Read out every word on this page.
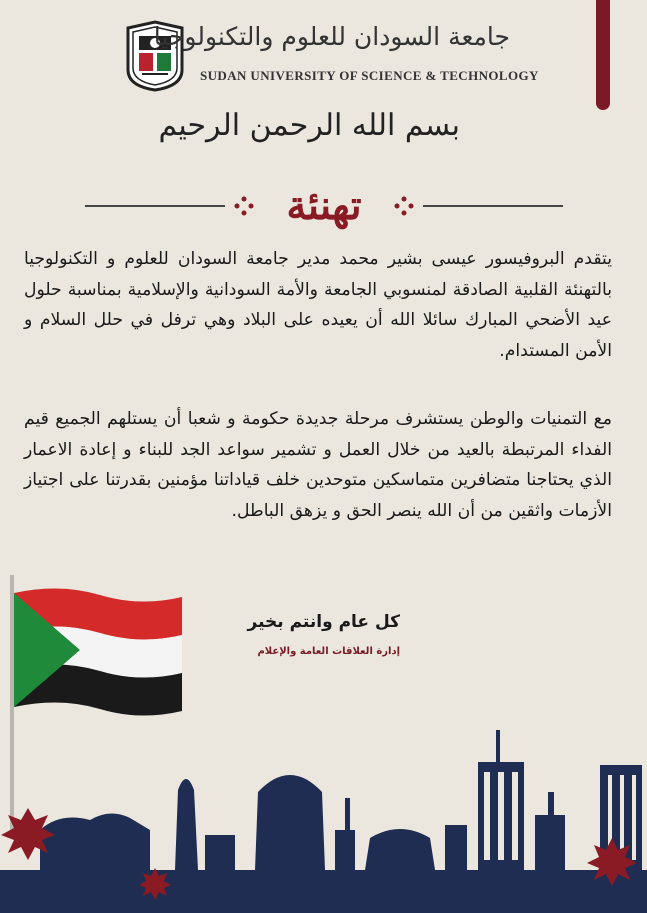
جامعة السودان للعلوم والتكنولوجيا
SUDAN UNIVERSITY OF SCIENCE & TECHNOLOGY
بسم الله الرحمن الرحيم
تهنئة
يتقدم البروفيسور عيسى بشير محمد مدير جامعة السودان للعلوم و التكنولوجيا بالتهنئة القلبية الصادقة لمنسوبي الجامعة والأمة السودانية والإسلامية بمناسبة حلول عيد الأضحي المبارك سائلا الله أن يعيده على البلاد وهي ترفل في حلل السلام و الأمن المستدام.
مع التمنيات والوطن يستشرف مرحلة جديدة حكومة و شعبا أن يستلهم الجميع قيم الفداء المرتبطة بالعيد من خلال العمل و تشمير سواعد الجد للبناء و إعادة الاعمار الذي يحتاجنا متضافرين متماسكين متوحدين خلف قياداتنا مؤمنين بقدرتنا على اجتياز الأزمات واثقين من أن الله ينصر الحق و يزهق الباطل.
كل عام وانتم بخير
إدارة العلاقات العامة والإعلام
